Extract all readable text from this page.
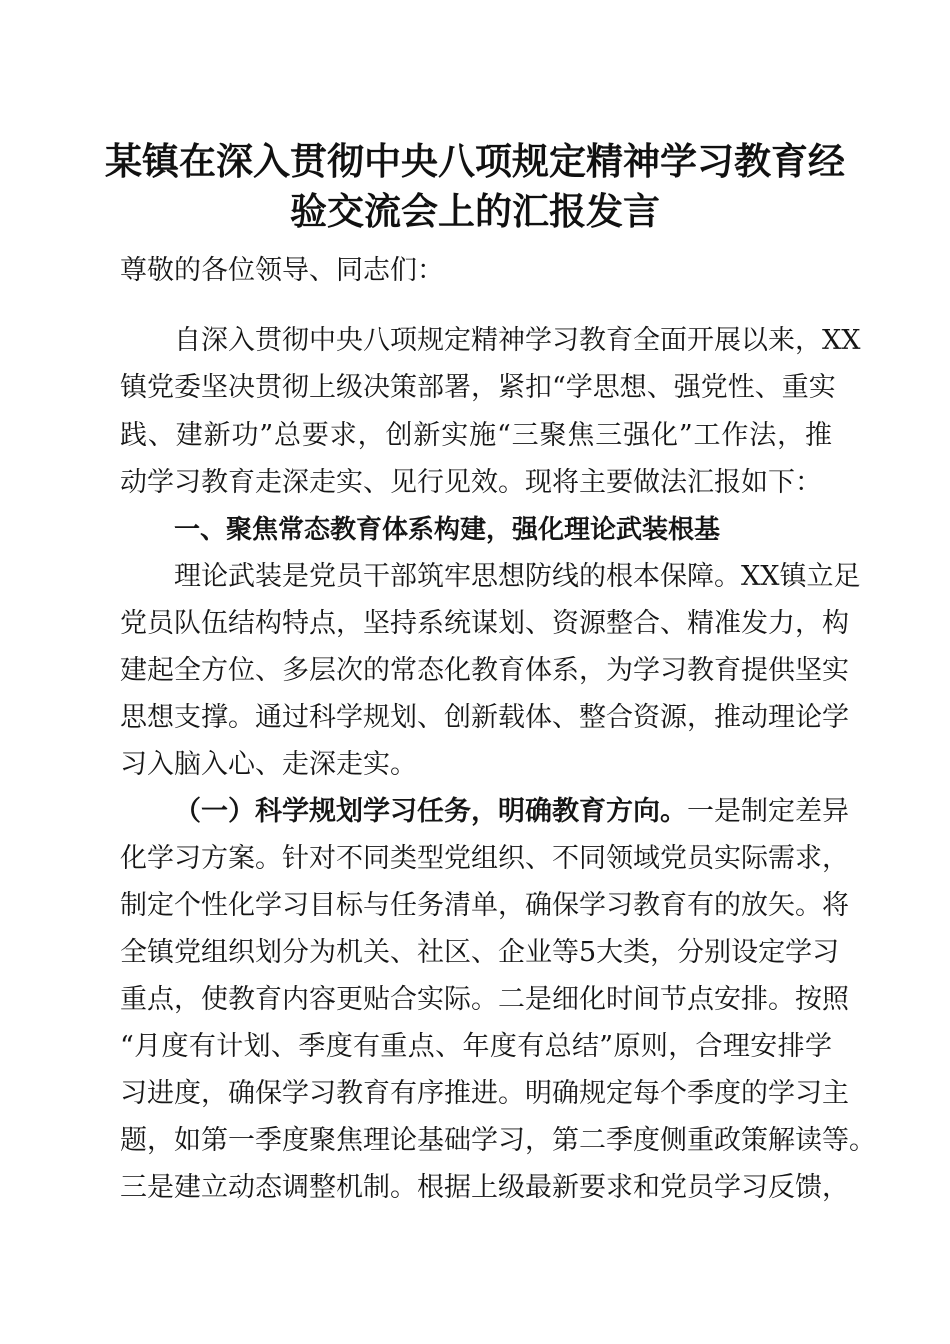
某镇在深入贯彻中央八项规定精神学习教育经
验交流会上的汇报发言
尊敬的各位领导、同志们：
自深入贯彻中央八项规定精神学习教育全面开展以来，XX
镇党委坚决贯彻上级决策部署，紧扣“学思想、强党性、重实
践、建新功”总要求，创新实施“三聚焦三强化”工作法，推
动学习教育走深走实、见行见效。现将主要做法汇报如下：
一、聚焦常态教育体系构建，强化理论武装根基
理论武装是党员干部筑牢思想防线的根本保障。XX镇立足
党员队伍结构特点，坚持系统谋划、资源整合、精准发力，构
建起全方位、多层次的常态化教育体系，为学习教育提供坚实
思想支撑。通过科学规划、创新载体、整合资源，推动理论学
习入脑入心、走深走实。
（一）科学规划学习任务，明确教育方向。一是制定差异
化学习方案。针对不同类型党组织、不同领域党员实际需求，
制定个性化学习目标与任务清单，确保学习教育有的放矢。将
全镇党组织划分为机关、社区、企业等5大类，分别设定学习
重点，使教育内容更贴合实际。二是细化时间节点安排。按照
“月度有计划、季度有重点、年度有总结”原则，合理安排学
习进度，确保学习教育有序推进。明确规定每个季度的学习主
题，如第一季度聚焦理论基础学习，第二季度侧重政策解读等。
三是建立动态调整机制。根据上级最新要求和党员学习反馈，
